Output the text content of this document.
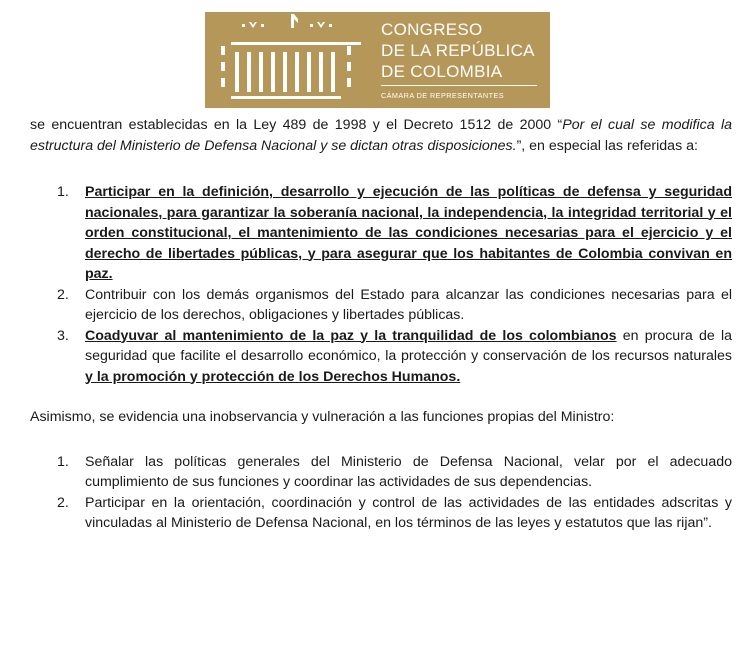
CONGRESO
DE LA REPÚBLICA
DE COLOMBIA
CÁMARA DE REPRESENTANTES

se encuentran establecidas en la Ley 489 de 1998 y el Decreto 1512 de 2000 “Por el cual se modifica la estructura del Ministerio de Defensa Nacional y se dictan otras disposiciones.”, en especial las referidas a:

1. Participar en la definición, desarrollo y ejecución de las políticas de defensa y seguridad nacionales, para garantizar la soberanía nacional, la independencia, la integridad territorial y el orden constitucional, el mantenimiento de las condiciones necesarias para el ejercicio y el derecho de libertades públicas, y para asegurar que los habitantes de Colombia convivan en paz.
2. Contribuir con los demás organismos del Estado para alcanzar las condiciones necesarias para el ejercicio de los derechos, obligaciones y libertades públicas.
3. Coadyuvar al mantenimiento de la paz y la tranquilidad de los colombianos en procura de la seguridad que facilite el desarrollo económico, la protección y conservación de los recursos naturales y la promoción y protección de los Derechos Humanos.

Asimismo, se evidencia una inobservancia y vulneración a las funciones propias del Ministro:

1. Señalar las políticas generales del Ministerio de Defensa Nacional, velar por el adecuado cumplimiento de sus funciones y coordinar las actividades de sus dependencias.
2. Participar en la orientación, coordinación y control de las actividades de las entidades adscritas y vinculadas al Ministerio de Defensa Nacional, en los términos de las leyes y estatutos que las rijan”.
